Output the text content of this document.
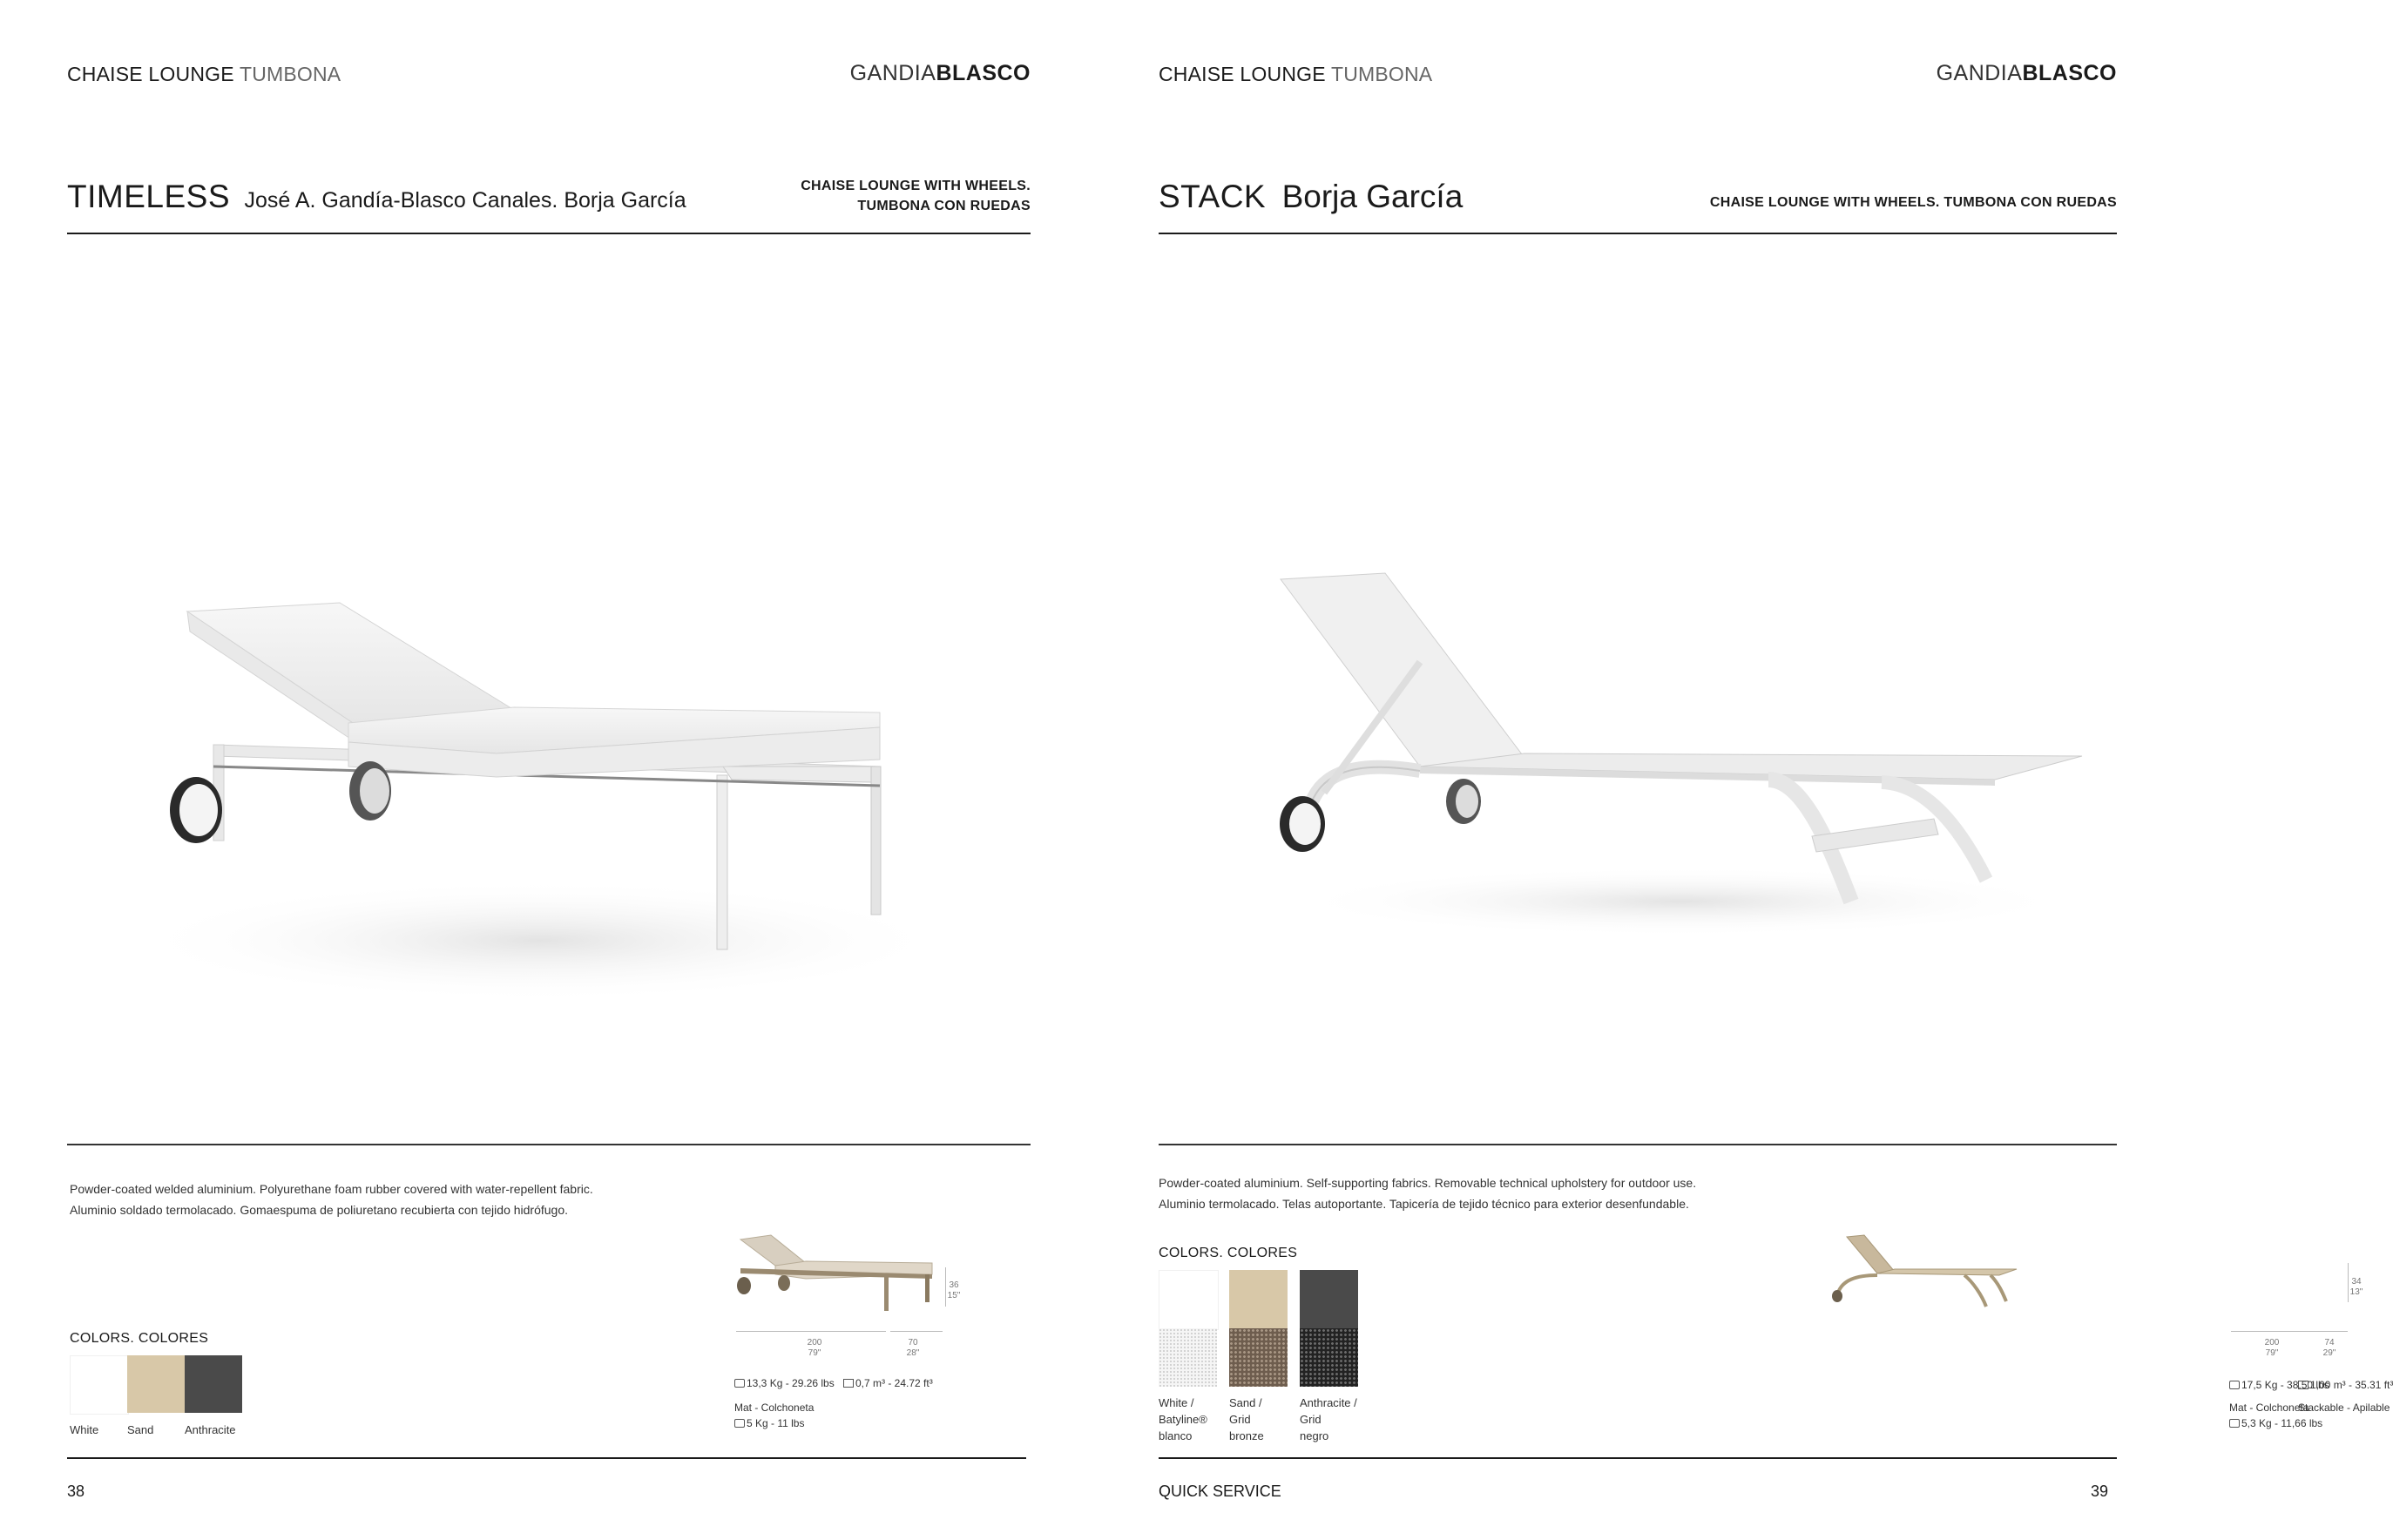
CHAISE LOUNGE TUMBONA	GANDIABLASCO
TIMELESS José A. Gandía-Blasco Canales. Borja García
CHAISE LOUNGE WITH WHEELS.
TUMBONA CON RUEDAS
Powder-coated welded aluminium. Polyurethane foam rubber covered with water-repellent fabric.
Aluminio soldado termolacado. Gomaespuma de poliuretano recubierta con tejido hidrófugo.
COLORS. COLORES
White	Sand	Anthracite
36
15"
200
79"
70
28"
13,3 Kg - 29.26 lbs	0,7 m³ - 24.72 ft³
Mat - Colchoneta
5 Kg - 11 lbs
38
CHAISE LOUNGE TUMBONA	GANDIABLASCO
STACK Borja García	CHAISE LOUNGE WITH WHEELS. TUMBONA CON RUEDAS
Powder-coated aluminium. Self-supporting fabrics. Removable technical upholstery for outdoor use.
Aluminio termolacado. Telas autoportante. Tapicería de tejido técnico para exterior desenfundable.
COLORS. COLORES
White /
Batyline®
blanco
Sand /
Grid
bronze
Anthracite /
Grid
negro
34
13"
200
79"
74
29"
17,5 Kg - 38.50 lbs
1,00 m³ - 35.31 ft³
Mat - Colchoneta
Stackable - Apilable
5,3 Kg - 11,66 lbs
QUICK SERVICE	39
